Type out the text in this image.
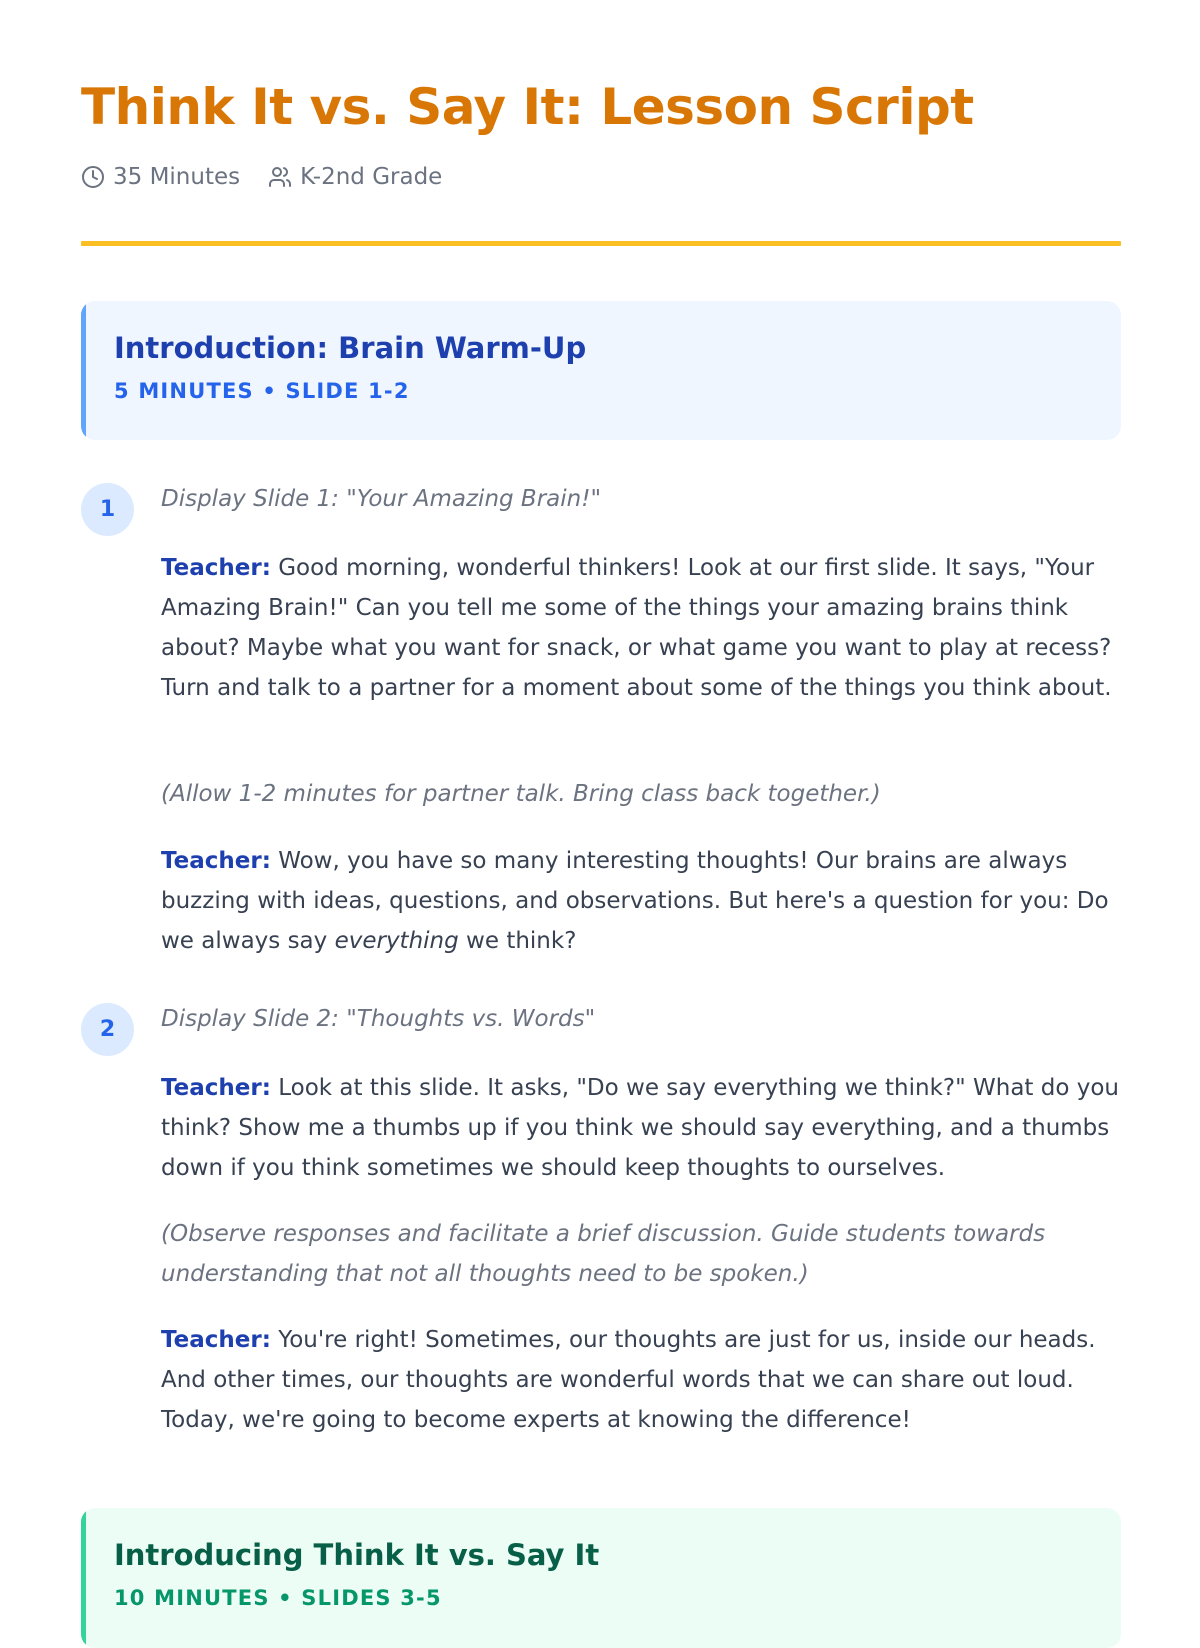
Think It vs. Say It: Lesson Script
35 Minutes	K-2nd Grade
Introduction: Brain Warm-Up
5 MINUTES • SLIDE 1-2
1	Display Slide 1: "Your Amazing Brain!"

Teacher: Good morning, wonderful thinkers! Look at our first slide. It says, "Your Amazing Brain!" Can you tell me some of the things your amazing brains think about? Maybe what you want for snack, or what game you want to play at recess? Turn and talk to a partner for a moment about some of the things you think about.

(Allow 1-2 minutes for partner talk. Bring class back together.)

Teacher: Wow, you have so many interesting thoughts! Our brains are always buzzing with ideas, questions, and observations. But here's a question for you: Do we always say everything we think?

2	Display Slide 2: "Thoughts vs. Words"

Teacher: Look at this slide. It asks, "Do we say everything we think?" What do you think? Show me a thumbs up if you think we should say everything, and a thumbs down if you think sometimes we should keep thoughts to ourselves.

(Observe responses and facilitate a brief discussion. Guide students towards understanding that not all thoughts need to be spoken.)

Teacher: You're right! Sometimes, our thoughts are just for us, inside our heads. And other times, our thoughts are wonderful words that we can share out loud. Today, we're going to become experts at knowing the difference!

Introducing Think It vs. Say It
10 MINUTES • SLIDES 3-5
